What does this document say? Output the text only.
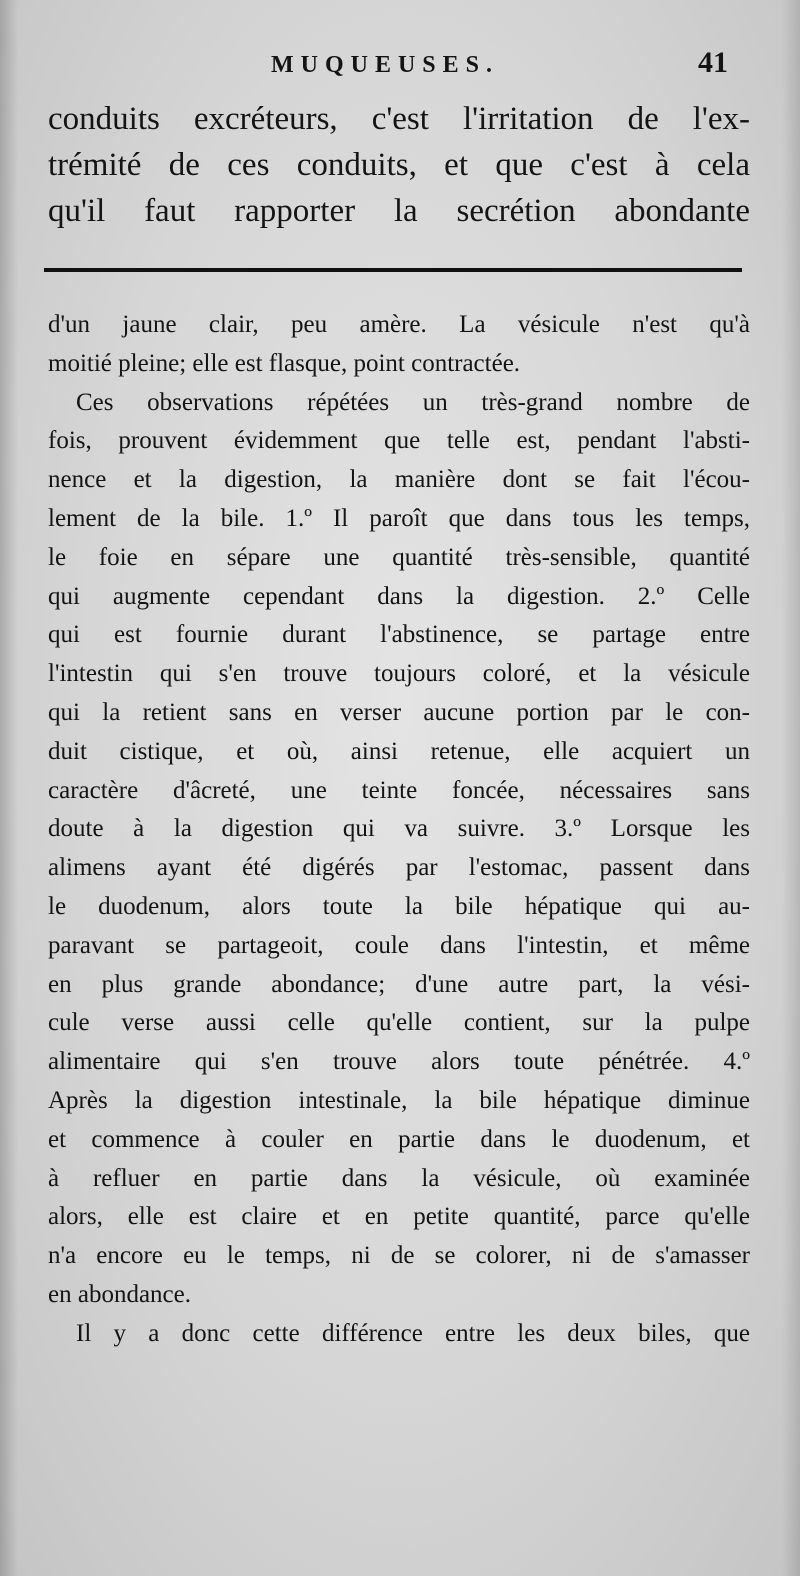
MUQUEUSES.	41
conduits excréteurs, c'est l'irritation de l'ex-
trémité de ces conduits, et que c'est à cela
qu'il faut rapporter la secrétion abondante
d'un jaune clair, peu amère. La vésicule n'est qu'à
moitié pleine; elle est flasque, point contractée.
Ces observations répétées un très-grand nombre de
fois, prouvent évidemment que telle est, pendant l'absti-
nence et la digestion, la manière dont se fait l'écou-
lement de la bile. 1.º Il paroît que dans tous les temps,
le foie en sépare une quantité très-sensible, quantité
qui augmente cependant dans la digestion. 2.º Celle
qui est fournie durant l'abstinence, se partage entre
l'intestin qui s'en trouve toujours coloré, et la vésicule
qui la retient sans en verser aucune portion par le con-
duit cistique, et où, ainsi retenue, elle acquiert un
caractère d'âcreté, une teinte foncée, nécessaires sans
doute à la digestion qui va suivre. 3.º Lorsque les
alimens ayant été digérés par l'estomac, passent dans
le duodenum, alors toute la bile hépatique qui au-
paravant se partageoit, coule dans l'intestin, et même
en plus grande abondance; d'une autre part, la vési-
cule verse aussi celle qu'elle contient, sur la pulpe
alimentaire qui s'en trouve alors toute pénétrée. 4.º
Après la digestion intestinale, la bile hépatique diminue
et commence à couler en partie dans le duodenum, et
à refluer en partie dans la vésicule, où examinée
alors, elle est claire et en petite quantité, parce qu'elle
n'a encore eu le temps, ni de se colorer, ni de s'amasser
en abondance.
Il y a donc cette différence entre les deux biles, que
